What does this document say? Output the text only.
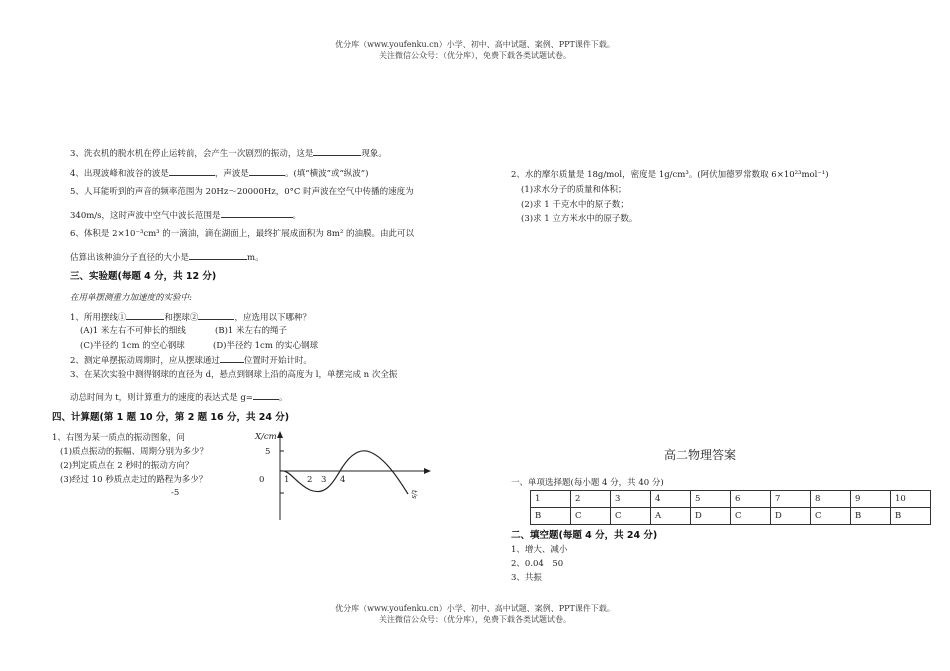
优分库（www.youfenku.cn）小学、初中、高中试题、案例、PPT课件下载。
关注微信公众号：（优分库），免费下载各类试题试卷。
3、洗衣机的脱水机在停止运转前，会产生一次剧烈的振动，这是	现象。
4、出现波峰和波谷的波是	，声波是	。(填“横波”或“纵波”)
5、人耳能听到的声音的频率范围为 20Hz～20000Hz，0°C 时声波在空气中传播的速度为
340m/s，这时声波中空气中波长范围是	。
6、体积是 2×10⁻³cm³ 的一滴油，滴在湖面上，最终扩展成面积为 8m² 的油膜。由此可以
估算出该种油分子直径的大小是	m。
三、实验题(每题 4 分，共 12 分)
在用单摆测重力加速度的实验中:
1、所用摆线①	和摆球②	，应选用以下哪种？
(A)1 米左右不可伸长的细线	(B)1 米左右的绳子
(C)半径约 1cm 的空心钢球	(D)半径约 1cm 的实心钢球
2、测定单摆振动周期时，应从摆球通过	位置时开始计时。
3、在某次实验中测得钢球的直径为 d，悬点到钢球上沿的高度为 l，单摆完成 n 次全振
动总时间为 t，则计算重力的速度的表达式是 g=	。
四、计算题(第 1 题 10 分，第 2 题 16 分，共 24 分)
1、右图为某一质点的振动图象，问
(1)质点振动的振幅、周期分别为多少？
(2)判定质点在 2 秒时的振动方向？
(3)经过 10 秒质点走过的路程为多少？
-5
X/cm
5
0 1 2 3 4
t/s
2、水的摩尔质量是 18g/mol，密度是 1g/cm³。(阿伏加德罗常数取 6×10²³mol⁻¹)
(1)求水分子的质量和体积；
(2)求 1 千克水中的原子数；
(3)求 1 立方米水中的原子数。
高二物理答案
一、单项选择题(每小题 4 分，共 40 分)
1	2	3	4	5	6	7	8	9	10
B	C	C	A	D	C	D	C	B	B
二、填空题(每题 4 分，共 24 分)
1、增大、减小
2、0.04　50
3、共振
优分库（www.youfenku.cn）小学、初中、高中试题、案例、PPT课件下载。
关注微信公众号：（优分库），免费下载各类试题试卷。
